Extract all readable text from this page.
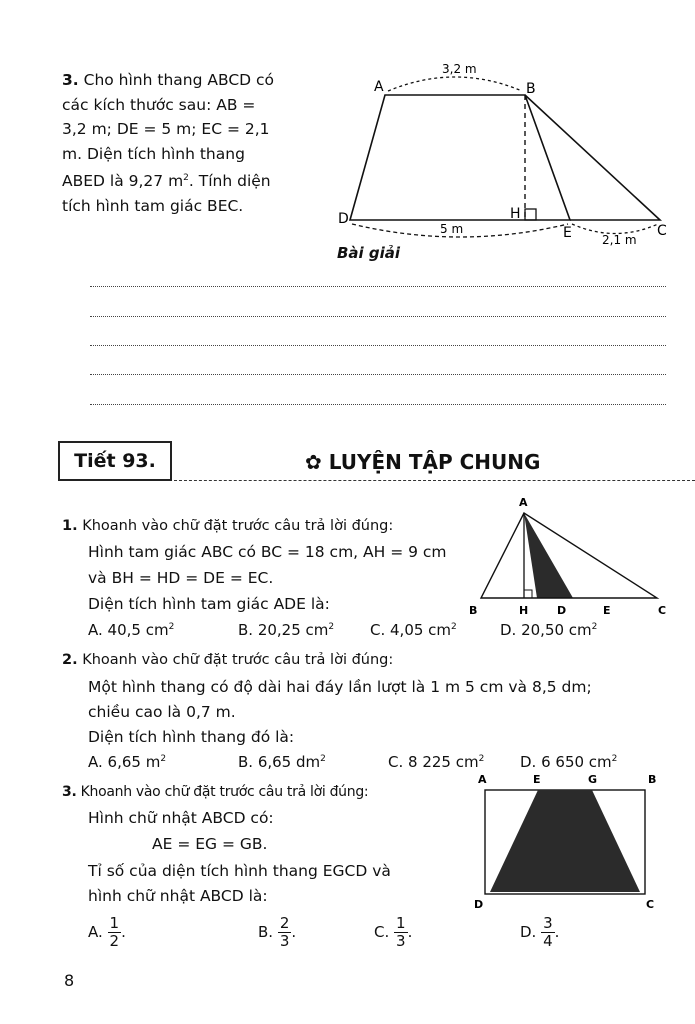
3. Cho hình thang ABCD có
các kích thước sau: AB =
3,2 m; DE = 5 m; EC = 2,1
m. Diện tích hình thang
ABED là 9,27 $m^2$. Tính diện
tích hình tam giác BEC.
A	B
C
D
E
H
3,2 m
5 m
2,1 m
Bài giải
Tiết 93.	✿ LUYỆN TẬP CHUNG
1. Khoanh vào chữ đặt trước câu trả lời đúng:
Hình tam giác ABC có BC = 18 cm, AH = 9 cm
và BH = HD = DE = EC.
Diện tích hình tam giác ADE là:
A. 40,5 $cm^2$	B. 20,25 $cm^2$ C. 4,05 $cm^2$	D. 20,50 $cm^2$
A
B	H	D	E	C
2. Khoanh vào chữ đặt trước câu trả lời đúng:
Một hình thang có độ dài hai đáy lần lượt là 1 m 5 cm và 8,5 dm;
chiều cao là 0,7 m.
Diện tích hình thang đó là:
A. 6,65 $m^2$	B. 6,65 $dm^2$	C. 8 225 $cm^2$ D. 6 650 $cm^2$
3. Khoanh vào chữ đặt trước câu trả lời đúng:
Hình chữ nhật ABCD có:
AE = EG = GB.
Tỉ số của diện tích hình thang EGCD và
hình chữ nhật ABCD là:
A. $\frac{1}{2}$ .	B. $\frac{2}{3}$ .	C. $\frac{1}{3}$ .	D. $\frac{3}{4}$ .
A	E	G	B
D	C
8
